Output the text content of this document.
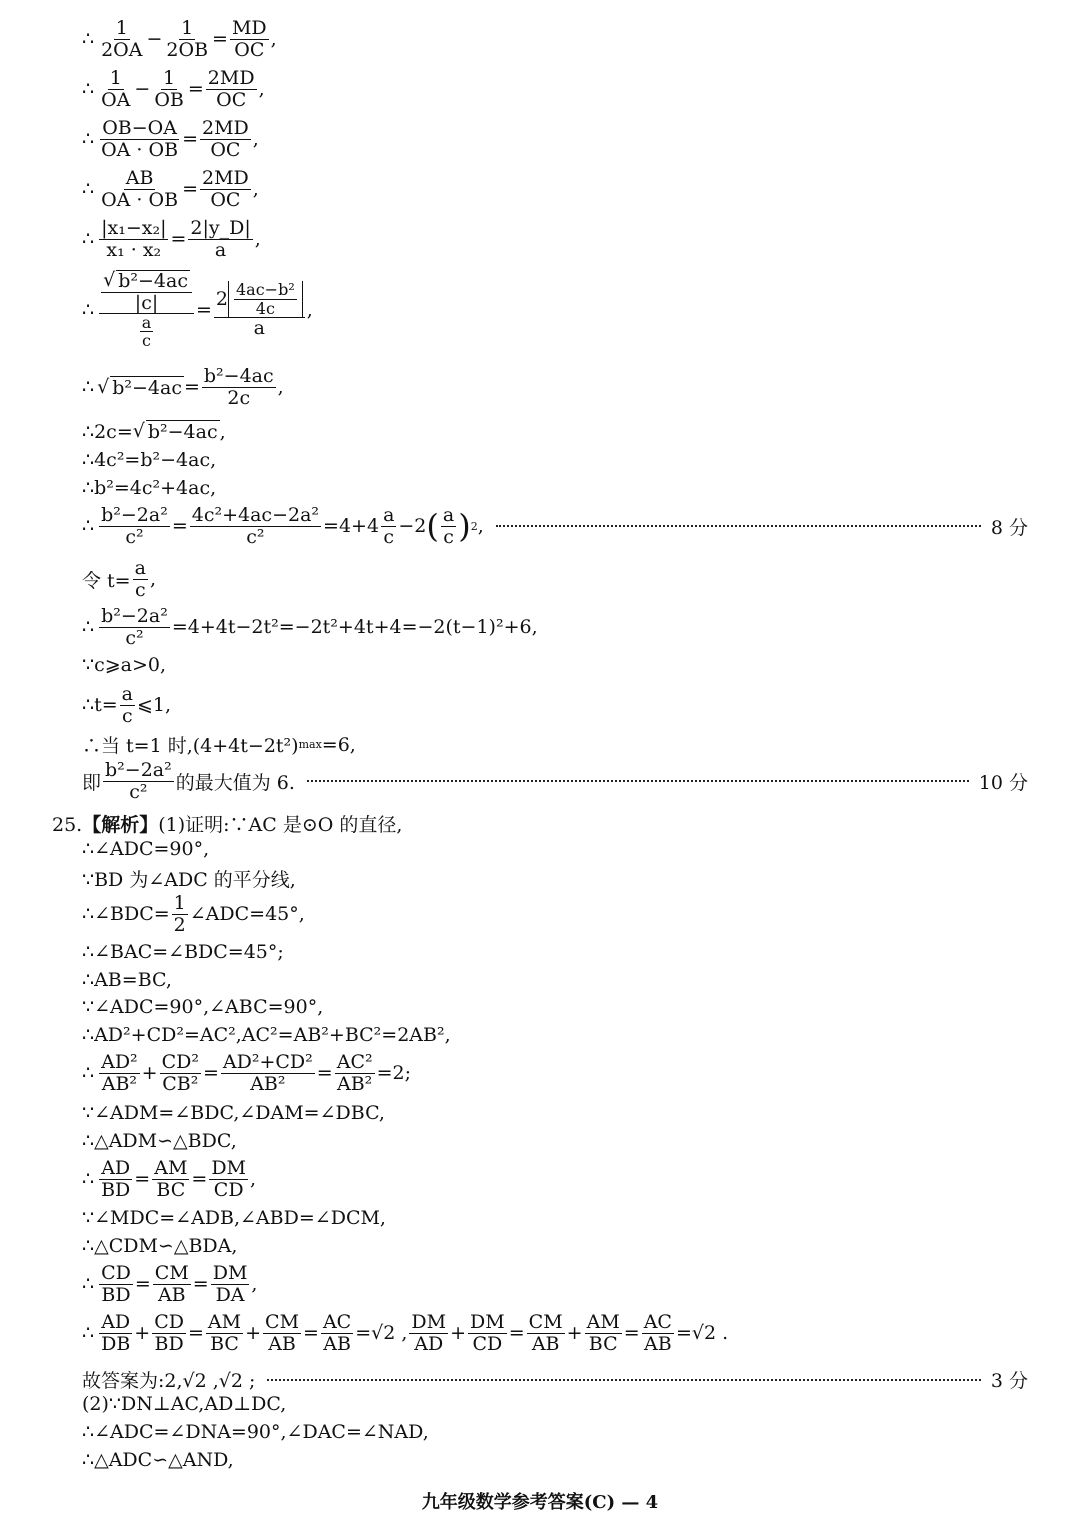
∴ $\frac{1}{2OA} - \frac{1}{2OB} = \frac{MD}{OC}$ ,
∴ $\frac{1}{OA} - \frac{1}{OB} = \frac{2MD}{OC}$ ,
∴ $\frac{OB-OA}{OA \cdot OB} = \frac{2MD}{OC}$ ,
∴ $\frac{AB}{OA \cdot OB} = \frac{2MD}{OC}$ ,
∴ $\frac{\text{|x₁−x₂|}}{\text{x₁ · x₂}} = \frac{2|y\_D|}{a}$ ,
∴ $\frac{\frac{\text{√ b²−4ac}}{|c|}}{\frac{a}{c}} = \frac{2 \frac{\text{4ac−b²}}{4c}}{a}$ ,
∴ √ $b^2-4ac = \frac{\text{b²−4ac}}{2c}$ ,
∴2c= √ b²−4ac ,
∴4c²=b²−4ac,
∴b²=4c²+4ac,
∴ $\frac{\text{b²−2a²}}{\text{c²}} = \frac{\text{4c²+4ac−2a²}}{\text{c²}} =4+4 \frac{a}{c} -2$ ( $\frac{a}{c}$ ) 2 ,	8 分
令 $t= \frac{a}{c}$ ,
∴ $\frac{\text{b²−2a²}}{\text{c²}} =4+4t-2t^2=-2t^2+4t+4=-2(t-1)^2+6$,
∵c⩾a>0,
∴t= $\frac{a}{c}$ ⩽1,
∴当 t=1 时,(4+4t−2t²) max =6,
即 $\frac{\text{b²−2a²}}{\text{c²}}$ 的最大值为 6.	10 分
25.【解析】(1)证明:∵AC 是⊙O 的直径,
∴∠ADC=90°,
∵BD 为∠ADC 的平分线,
∴∠BDC= $\frac{1}{2}$ ∠ADC=45°,
∴∠BAC=∠BDC=45°;
∴AB=BC,
∵∠ADC=90°,∠ABC=90°,
∴AD²+CD²=AC²,AC²=AB²+BC²=2AB²,
∴ $\frac{\text{AD²}}{\text{AB²}} + \frac{\text{CD²}}{\text{CB²}} = \frac{\text{AD²+CD²}}{\text{AB²}} = \frac{\text{AC²}}{\text{AB²}} =2$;
∵∠ADM=∠BDC,∠DAM=∠DBC,
∴△ADM∽△BDC,
∴ $\frac{AD}{BD} = \frac{AM}{BC} = \frac{DM}{CD}$ ,
∵∠MDC=∠ADB,∠ABD=∠DCM,
∴△CDM∽△BDA,
∴ $\frac{CD}{BD} = \frac{CM}{AB} = \frac{DM}{DA}$ ,
∴ $\frac{AD}{DB} + \frac{CD}{BD} = \frac{AM}{BC} + \frac{CM}{AB} = \frac{AC}{AB} =√2$ , $\frac{DM}{AD} + \frac{DM}{CD} = \frac{CM}{AB} + \frac{AM}{BC} = \frac{AC}{AB} =√2$ .
故答案为:2,√2 ,√2 ;	3 分
(2)∵DN⊥AC,AD⊥DC,
∴∠ADC=∠DNA=90°,∠DAC=∠NAD,
∴△ADC∽△AND,
九年级数学参考答案(C) — 4
